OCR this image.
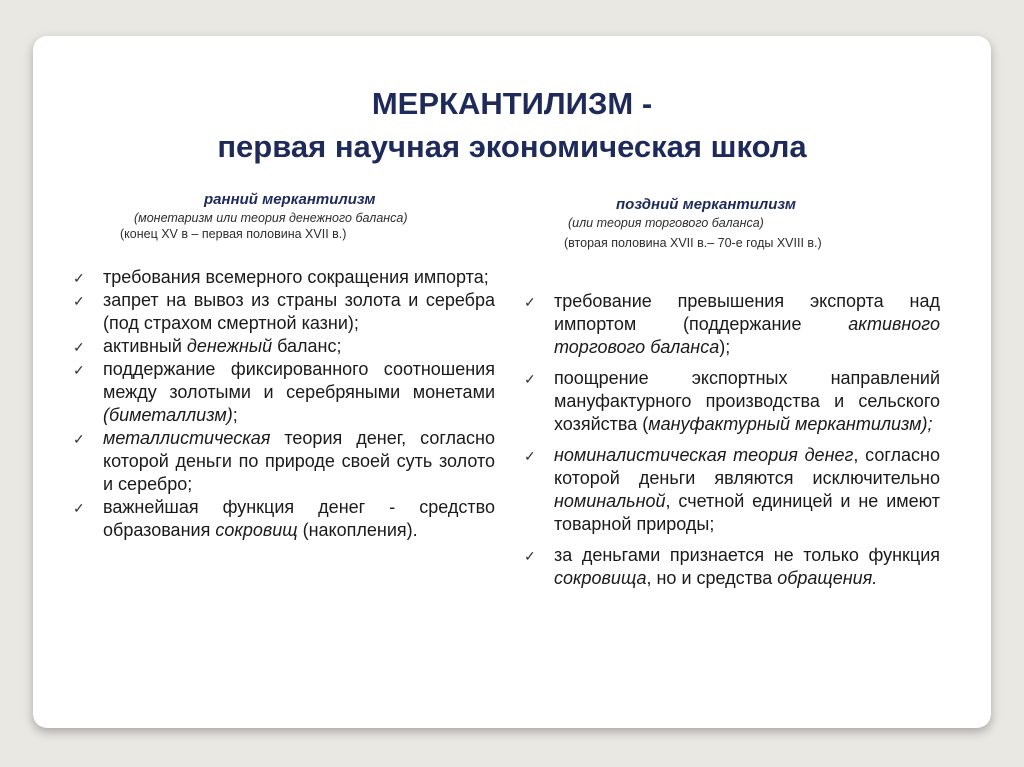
МЕРКАНТИЛИЗМ -
первая научная экономическая школа
ранний меркантилизм
(монетаризм или теория денежного баланса)
(конец XV в – первая половина XVII в.)
поздний меркантилизм
(или теория торгового баланса)
(вторая половина XVII в.– 70-е годы XVIII в.)
✓ требования всемерного сокращения импорта;
✓ запрет на вывоз из страны золота и серебра (под страхом смертной казни);
✓ активный денежный баланс;
✓ поддержание фиксированного соотношения между золотыми и серебряными монетами (биметаллизм);
✓ металлистическая теория денег, согласно которой деньги по природе своей суть золото и серебро;
✓ важнейшая функция денег - средство образования сокровищ (накопления).
✓ требование превышения экспорта над импортом (поддержание активного торгового баланса);
✓ поощрение экспортных направлений мануфактурного производства и сельского хозяйства (мануфактурный меркантилизм);
✓ номиналистическая теория денег, согласно которой деньги являются исключительно номинальной, счетной единицей и не имеют товарной природы;
✓ за деньгами признается не только функция сокровища, но и средства обращения.
